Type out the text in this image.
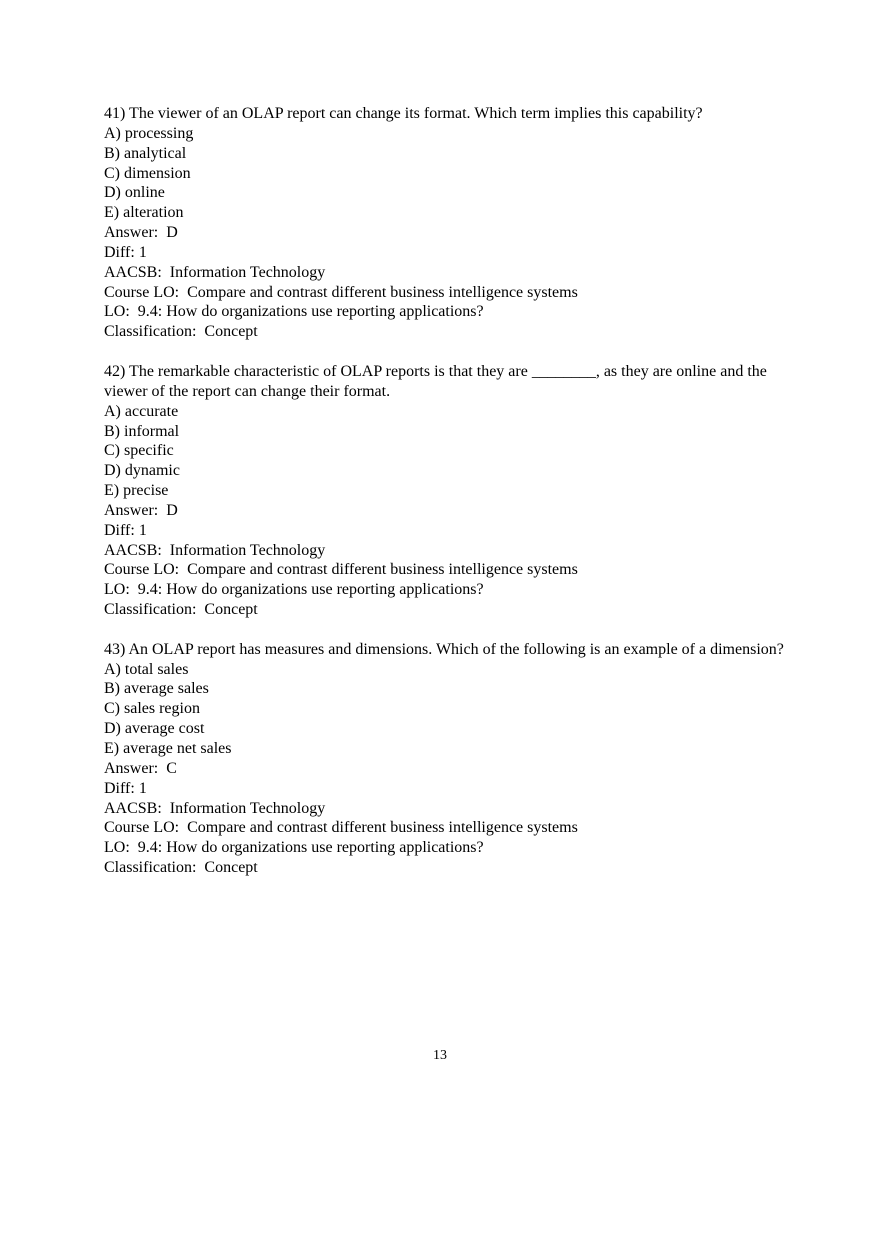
41) The viewer of an OLAP report can change its format. Which term implies this capability?
A) processing
B) analytical
C) dimension
D) online
E) alteration
Answer:  D
Diff: 1
AACSB:  Information Technology
Course LO:  Compare and contrast different business intelligence systems
LO:  9.4: How do organizations use reporting applications?
Classification:  Concept
42) The remarkable characteristic of OLAP reports is that they are ________, as they are online and the viewer of the report can change their format.
A) accurate
B) informal
C) specific
D) dynamic
E) precise
Answer:  D
Diff: 1
AACSB:  Information Technology
Course LO:  Compare and contrast different business intelligence systems
LO:  9.4: How do organizations use reporting applications?
Classification:  Concept
43) An OLAP report has measures and dimensions. Which of the following is an example of a dimension?
A) total sales
B) average sales
C) sales region
D) average cost
E) average net sales
Answer:  C
Diff: 1
AACSB:  Information Technology
Course LO:  Compare and contrast different business intelligence systems
LO:  9.4: How do organizations use reporting applications?
Classification:  Concept
13
